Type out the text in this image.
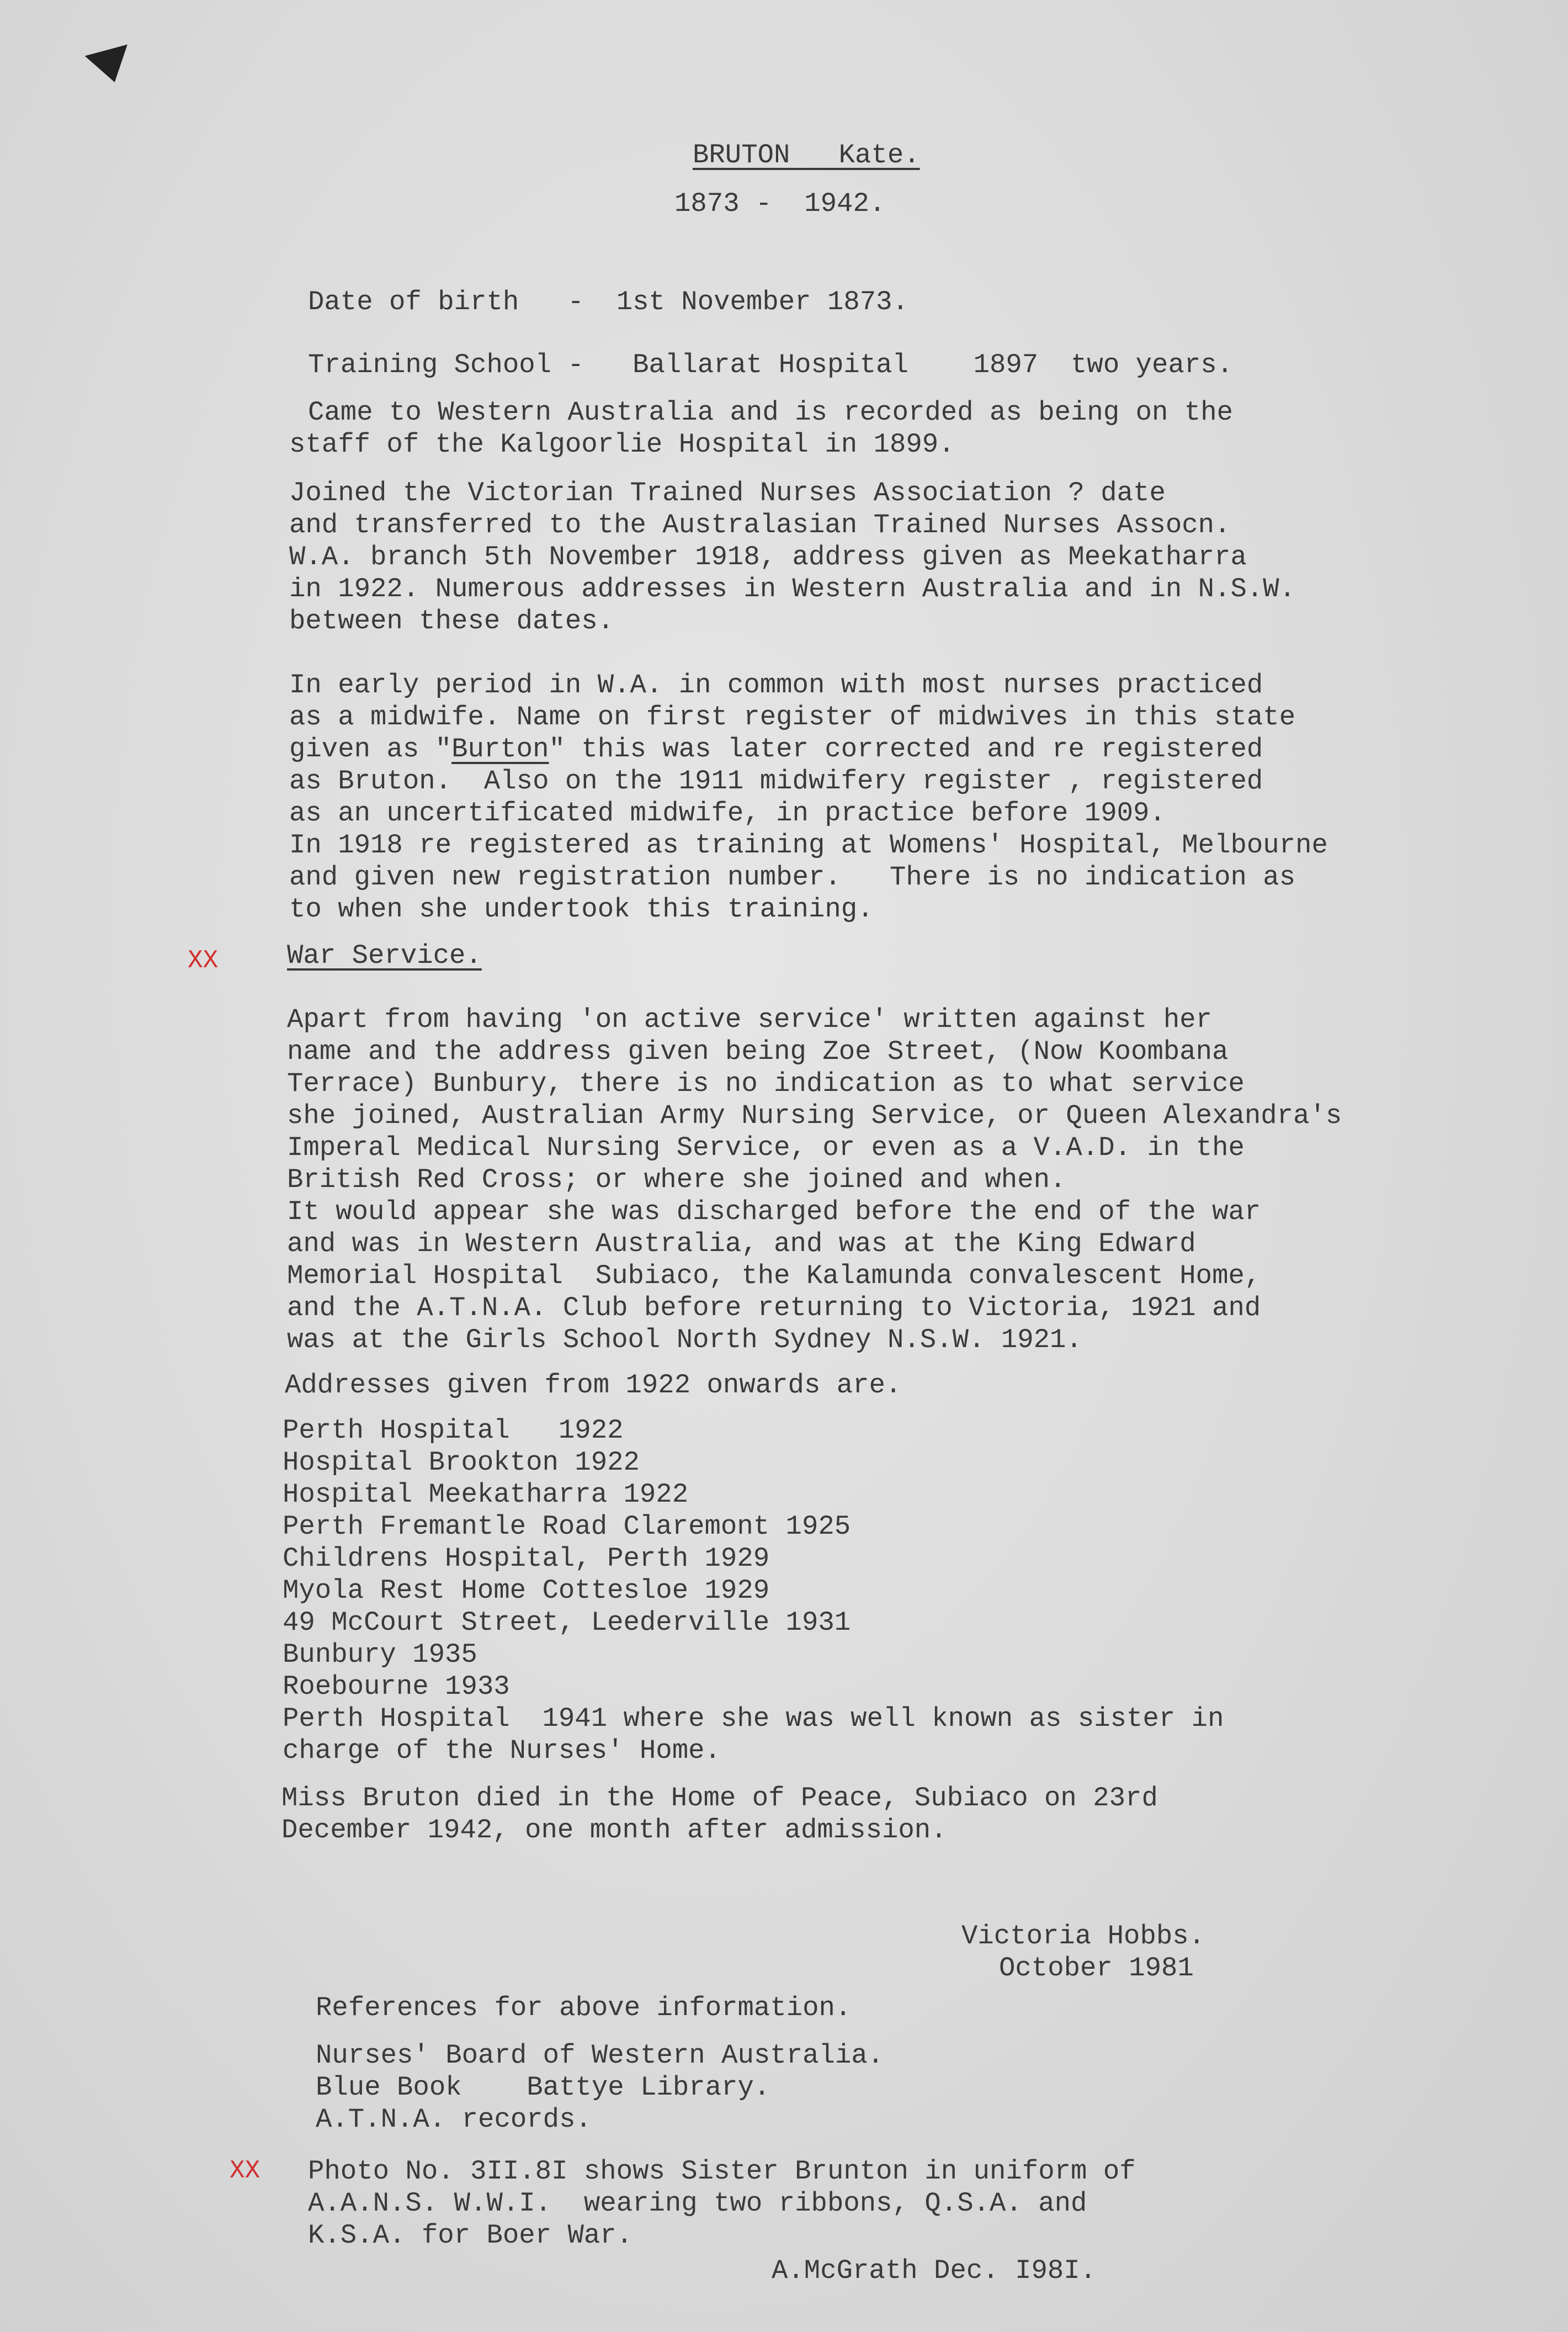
BRUTON   Kate.
1873 -  1942.
Date of birth   -  1st November 1873.
Training School -   Ballarat Hospital    1897  two years.
Came to Western Australia and is recorded as being on the
staff of the Kalgoorlie Hospital in 1899.
Joined the Victorian Trained Nurses Association ? date
and transferred to the Australasian Trained Nurses Assocn.
W.A. branch 5th November 1918, address given as Meekatharra
in 1922. Numerous addresses in Western Australia and in N.S.W.
between these dates.
In early period in W.A. in common with most nurses practiced
as a midwife. Name on first register of midwives in this state
given as "Burton" this was later corrected and re registered
as Bruton.  Also on the 1911 midwifery register , registered
as an uncertificated midwife, in practice before 1909.
In 1918 re registered as training at Womens' Hospital, Melbourne
and given new registration number.   There is no indication as
to when she undertook this training.
XX	War Service.
Apart from having 'on active service' written against her
name and the address given being Zoe Street, (Now Koombana
Terrace) Bunbury, there is no indication as to what service
she joined, Australian Army Nursing Service, or Queen Alexandra's
Imperal Medical Nursing Service, or even as a V.A.D. in the
British Red Cross; or where she joined and when.
It would appear she was discharged before the end of the war
and was in Western Australia, and was at the King Edward
Memorial Hospital  Subiaco, the Kalamunda convalescent Home,
and the A.T.N.A. Club before returning to Victoria, 1921 and
was at the Girls School North Sydney N.S.W. 1921.
Addresses given from 1922 onwards are.
Perth Hospital   1922
Hospital Brookton 1922
Hospital Meekatharra 1922
Perth Fremantle Road Claremont 1925
Childrens Hospital, Perth 1929
Myola Rest Home Cottesloe 1929
49 McCourt Street, Leederville 1931
Bunbury 1935
Roebourne 1933
Perth Hospital  1941 where she was well known as sister in
charge of the Nurses' Home.
Miss Bruton died in the Home of Peace, Subiaco on 23rd
December 1942, one month after admission.
Victoria Hobbs.
October 1981
References for above information.
Nurses' Board of Western Australia.
Blue Book    Battye Library.
A.T.N.A. records.
XX Photo No. 3II.8I shows Sister Brunton in uniform of
A.A.N.S. W.W.I.  wearing two ribbons, Q.S.A. and
K.S.A. for Boer War.
A.McGrath Dec. I98I.
